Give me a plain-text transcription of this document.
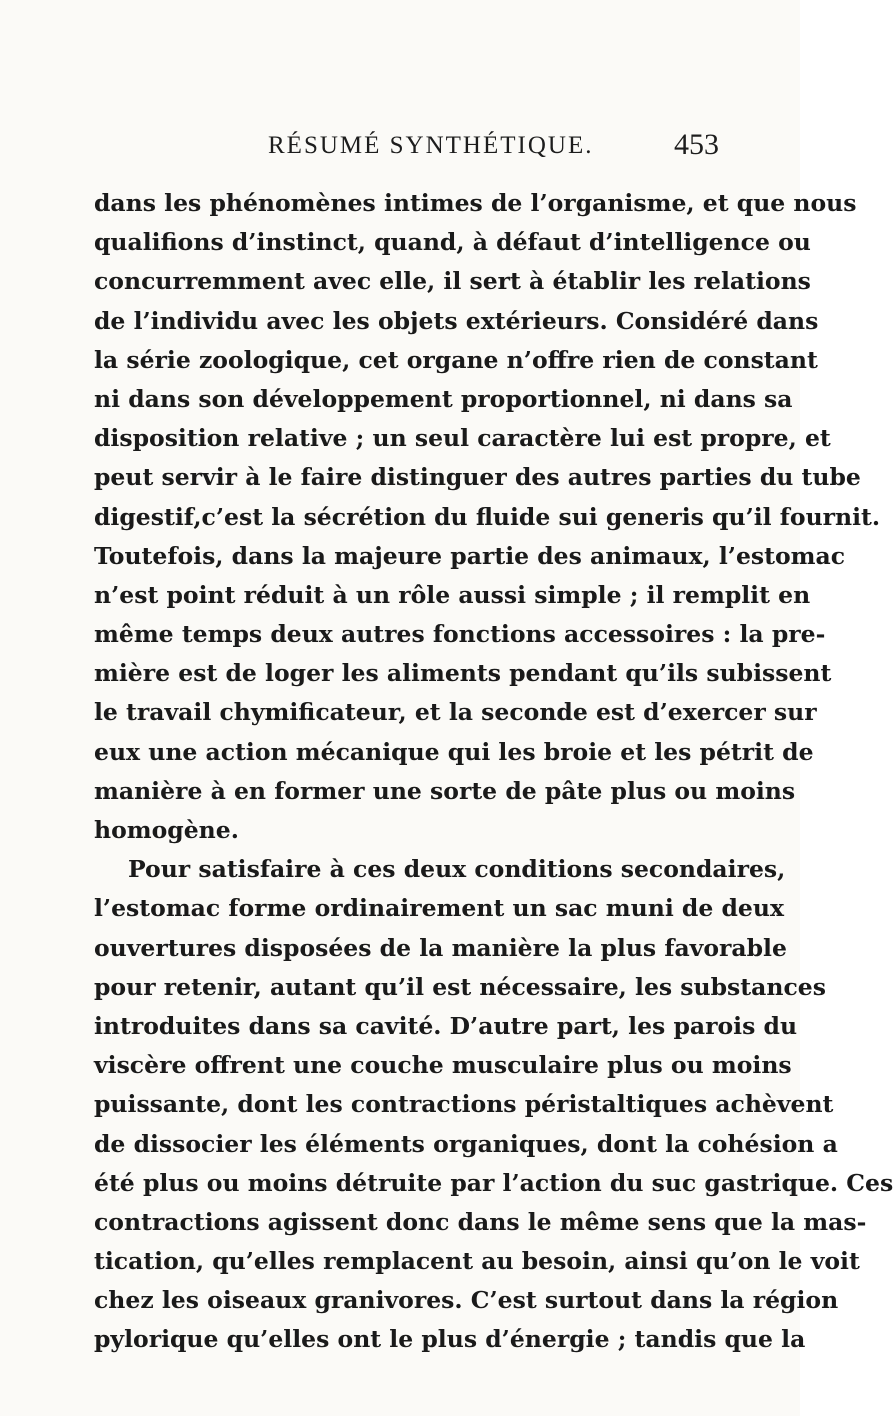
RÉSUMÉ SYNTHÉTIQUE.	453
dans les phénomènes intimes de l’organisme, et que nous
qualifions d’instinct, quand, à défaut d’intelligence ou
concurremment avec elle, il sert à établir les relations
de l’individu avec les objets extérieurs. Considéré dans
la série zoologique, cet organe n’offre rien de constant
ni dans son développement proportionnel, ni dans sa
disposition relative ; un seul caractère lui est propre, et
peut servir à le faire distinguer des autres parties du tube
digestif,c’est la sécrétion du fluide sui generis qu’il fournit.
Toutefois, dans la majeure partie des animaux, l’estomac
n’est point réduit à un rôle aussi simple ; il remplit en
même temps deux autres fonctions accessoires : la pre-
mière est de loger les aliments pendant qu’ils subissent
le travail chymificateur, et la seconde est d’exercer sur
eux une action mécanique qui les broie et les pétrit de
manière à en former une sorte de pâte plus ou moins
homogène.
Pour satisfaire à ces deux conditions secondaires,
l’estomac forme ordinairement un sac muni de deux
ouvertures disposées de la manière la plus favorable
pour retenir, autant qu’il est nécessaire, les substances
introduites dans sa cavité. D’autre part, les parois du
viscère offrent une couche musculaire plus ou moins
puissante, dont les contractions péristaltiques achèvent
de dissocier les éléments organiques, dont la cohésion a
été plus ou moins détruite par l’action du suc gastrique. Ces
contractions agissent donc dans le même sens que la mas-
tication, qu’elles remplacent au besoin, ainsi qu’on le voit
chez les oiseaux granivores. C’est surtout dans la région
pylorique qu’elles ont le plus d’énergie ; tandis que la
